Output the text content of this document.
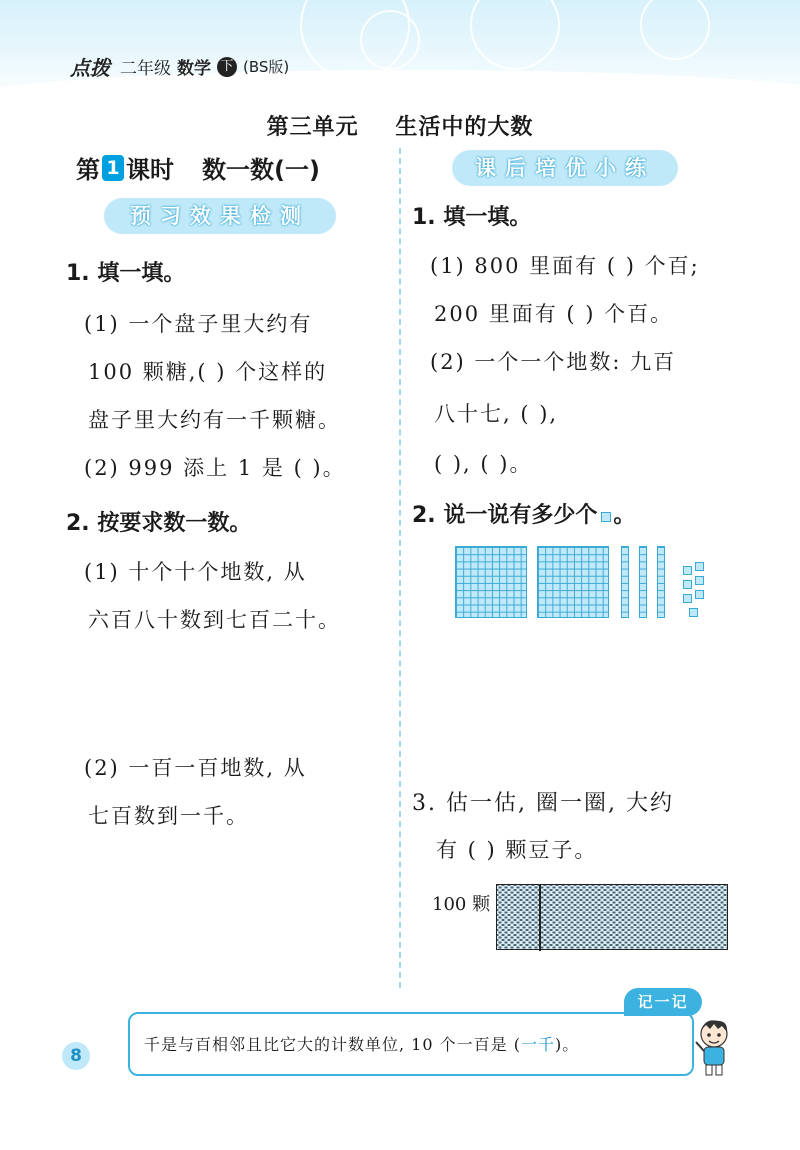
点拨 二年级 数学 下 (BS版)
第三单元 生活中的大数
第 1 课时 数一数(一)
预习效果检测
1. 填一填。
(1) 一个盘子里大约有
100 颗糖,( ) 个这样的
盘子里大约有一千颗糖。
(2) 999 添上 1 是 ( )。
2. 按要求数一数。
(1) 十个十个地数, 从
六百八十数到七百二十。
(2) 一百一百地数, 从
七百数到一千。
课后培优小练
1. 填一填。
(1) 800 里面有 ( ) 个百;
200 里面有 ( ) 个百。
(2) 一个一个地数: 九百
八十七, ( ),
( ), ( )。
2. 说一说有多少个 。
3. 估一估, 圈一圈, 大约
有 ( ) 颗豆子。
100 颗
记一记
千是与百相邻且比它大的计数单位, 10 个一百是 (一千)。
8
